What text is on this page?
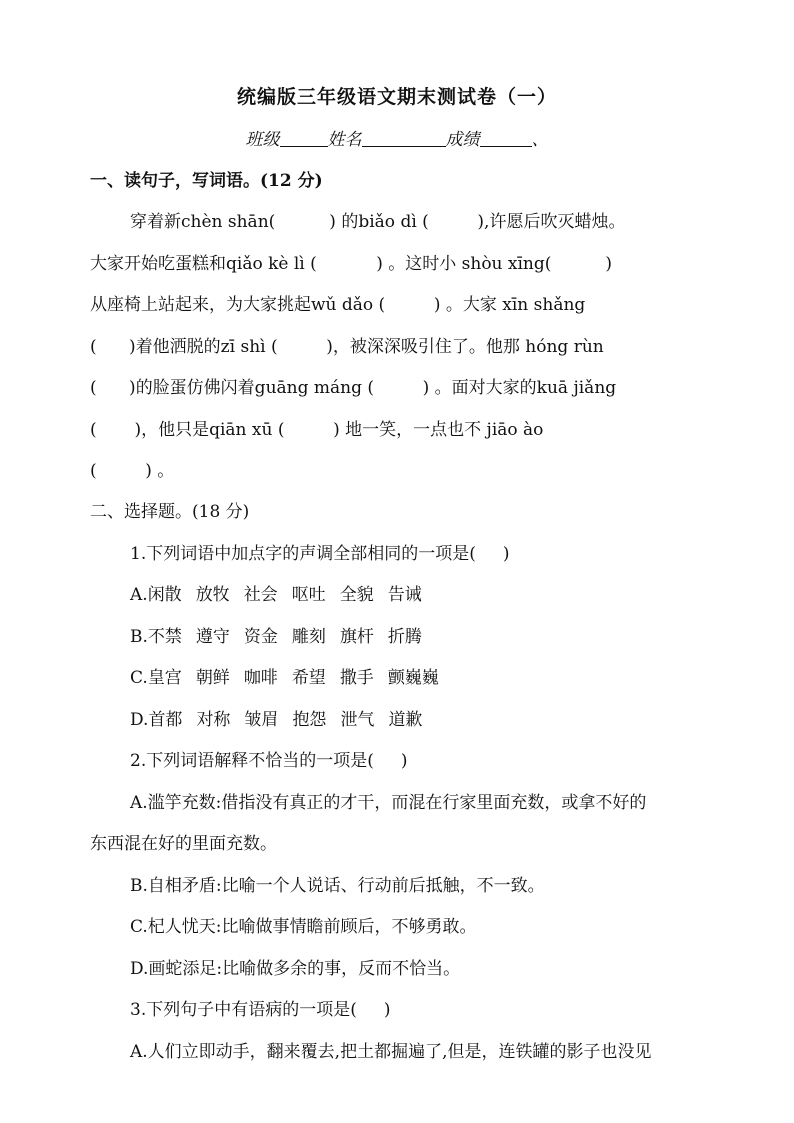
统编版三年级语文期末测试卷（一）
班级	姓名	成绩	、
一、读句子，写词语。(12 分)
穿着新chèn shān(          ) 的biǎo dì (         ),许愿后吹灭蜡烛。
大家开始吃蛋糕和qiǎo kè lì (           ) 。这时小 shòu xīng(          )
从座椅上站起来，为大家挑起wǔ dǎo (         ) 。大家 xīn shǎng
(      )着他洒脱的zī shì (         )，被深深吸引住了。他那 hóng rùn
(      )的脸蛋仿佛闪着guāng máng (         ) 。面对大家的kuā jiǎng
(       )，他只是qiān xū (         ) 地一笑，一点也不 jiāo ào
(         ) 。
二、选择题。(18 分)
1.下列词语中加点字的声调全部相同的一项是(     )
A.闲散 放牧 社会 呕吐 全貌 告诫
B.不禁 遵守 资金 雕刻 旗杆 折腾
C.皇宫 朝鲜 咖啡 希望 撒手 颤巍巍
D.首都 对称 皱眉 抱怨 泄气 道歉
2.下列词语解释不恰当的一项是(     )
A.滥竽充数:借指没有真正的才干，而混在行家里面充数，或拿不好的
东西混在好的里面充数。
B.自相矛盾:比喻一个人说话、行动前后抵触，不一致。
C.杞人忧天:比喻做事情瞻前顾后，不够勇敢。
D.画蛇添足:比喻做多余的事，反而不恰当。
3.下列句子中有语病的一项是(     )
A.人们立即动手，翻来覆去,把土都掘遍了,但是，连铁罐的影子也没见
